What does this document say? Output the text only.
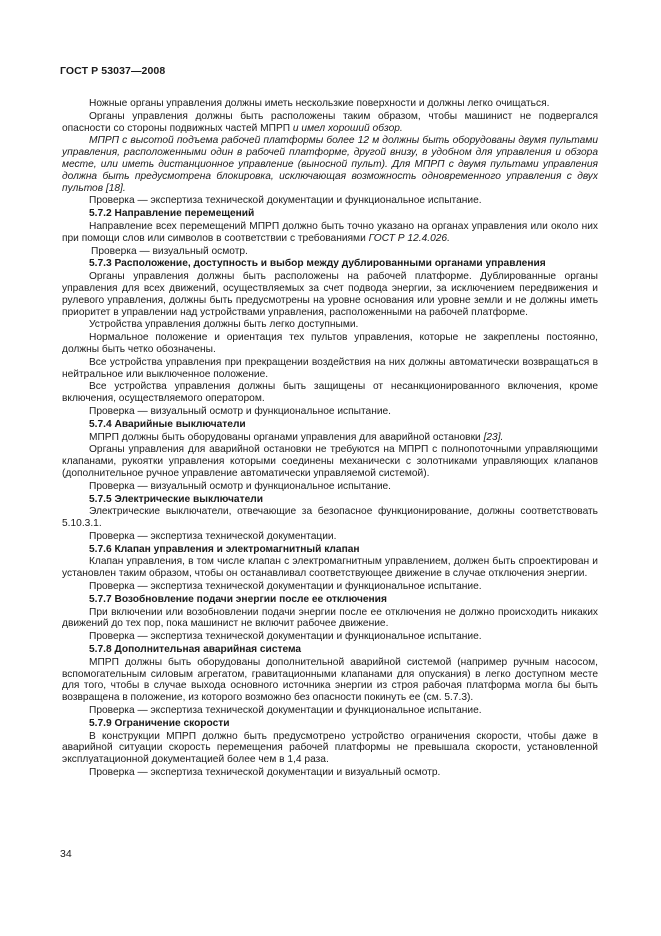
ГОСТ Р 53037—2008

Ножные органы управления должны иметь нескользкие поверхности и должны легко очищаться.

Органы управления должны быть расположены таким образом, чтобы машинист не подвергался опасности со стороны подвижных частей МПРП и имел хороший обзор.

МПРП с высотой подъема рабочей платформы более 12 м должны быть оборудованы двумя пультами управления, расположенными один в рабочей платформе, другой внизу, в удобном для управления и обзора месте, или иметь дистанционное управление (выносной пульт). Для МПРП с двумя пультами управления должна быть предусмотрена блокировка, исключающая возможность одновременного управления с двух пультов [18].

Проверка — экспертиза технической документации и функциональное испытание.

5.7.2 Направление перемещений

Направление всех перемещений МПРП должно быть точно указано на органах управления или около них при помощи слов или символов в соответствии с требованиями ГОСТ Р 12.4.026.

Проверка — визуальный осмотр.

5.7.3 Расположение, доступность и выбор между дублированными органами управления

Органы управления должны быть расположены на рабочей платформе. Дублированные органы управления для всех движений, осуществляемых за счет подвода энергии, за исключением передвижения и рулевого управления, должны быть предусмотрены на уровне основания или уровне земли и не должны иметь приоритет в управлении над устройствами управления, расположенными на рабочей платформе.

Устройства управления должны быть легко доступными.

Нормальное положение и ориентация тех пультов управления, которые не закреплены постоянно, должны быть четко обозначены.

Все устройства управления при прекращении воздействия на них должны автоматически возвращаться в нейтральное или выключенное положение.

Все устройства управления должны быть защищены от несанкционированного включения, кроме включения, осуществляемого оператором.

Проверка — визуальный осмотр и функциональное испытание.

5.7.4 Аварийные выключатели

МПРП должны быть оборудованы органами управления для аварийной остановки [23].

Органы управления для аварийной остановки не требуются на МПРП с полнопоточными управляющими клапанами, рукоятки управления которыми соединены механически с золотниками управляющих клапанов (дополнительное ручное управление автоматически управляемой системой).

Проверка — визуальный осмотр и функциональное испытание.

5.7.5 Электрические выключатели

Электрические выключатели, отвечающие за безопасное функционирование, должны соответствовать 5.10.3.1.

Проверка — экспертиза технической документации.

5.7.6 Клапан управления и электромагнитный клапан

Клапан управления, в том числе клапан с электромагнитным управлением, должен быть спроектирован и установлен таким образом, чтобы он останавливал соответствующее движение в случае отключения энергии.

Проверка — экспертиза технической документации и функциональное испытание.

5.7.7 Возобновление подачи энергии после ее отключения

При включении или возобновлении подачи энергии после ее отключения не должно происходить никаких движений до тех пор, пока машинист не включит рабочее движение.

Проверка — экспертиза технической документации и функциональное испытание.

5.7.8 Дополнительная аварийная система

МПРП должны быть оборудованы дополнительной аварийной системой (например ручным насосом, вспомогательным силовым агрегатом, гравитационными клапанами для опускания) в легко доступном месте для того, чтобы в случае выхода основного источника энергии из строя рабочая платформа могла бы быть возвращена в положение, из которого возможно без опасности покинуть ее (см. 5.7.3).

Проверка — экспертиза технической документации и функциональное испытание.

5.7.9 Ограничение скорости

В конструкции МПРП должно быть предусмотрено устройство ограничения скорости, чтобы даже в аварийной ситуации скорость перемещения рабочей платформы не превышала скорости, установленной эксплуатационной документацией более чем в 1,4 раза.

Проверка — экспертиза технической документации и визуальный осмотр.

34
